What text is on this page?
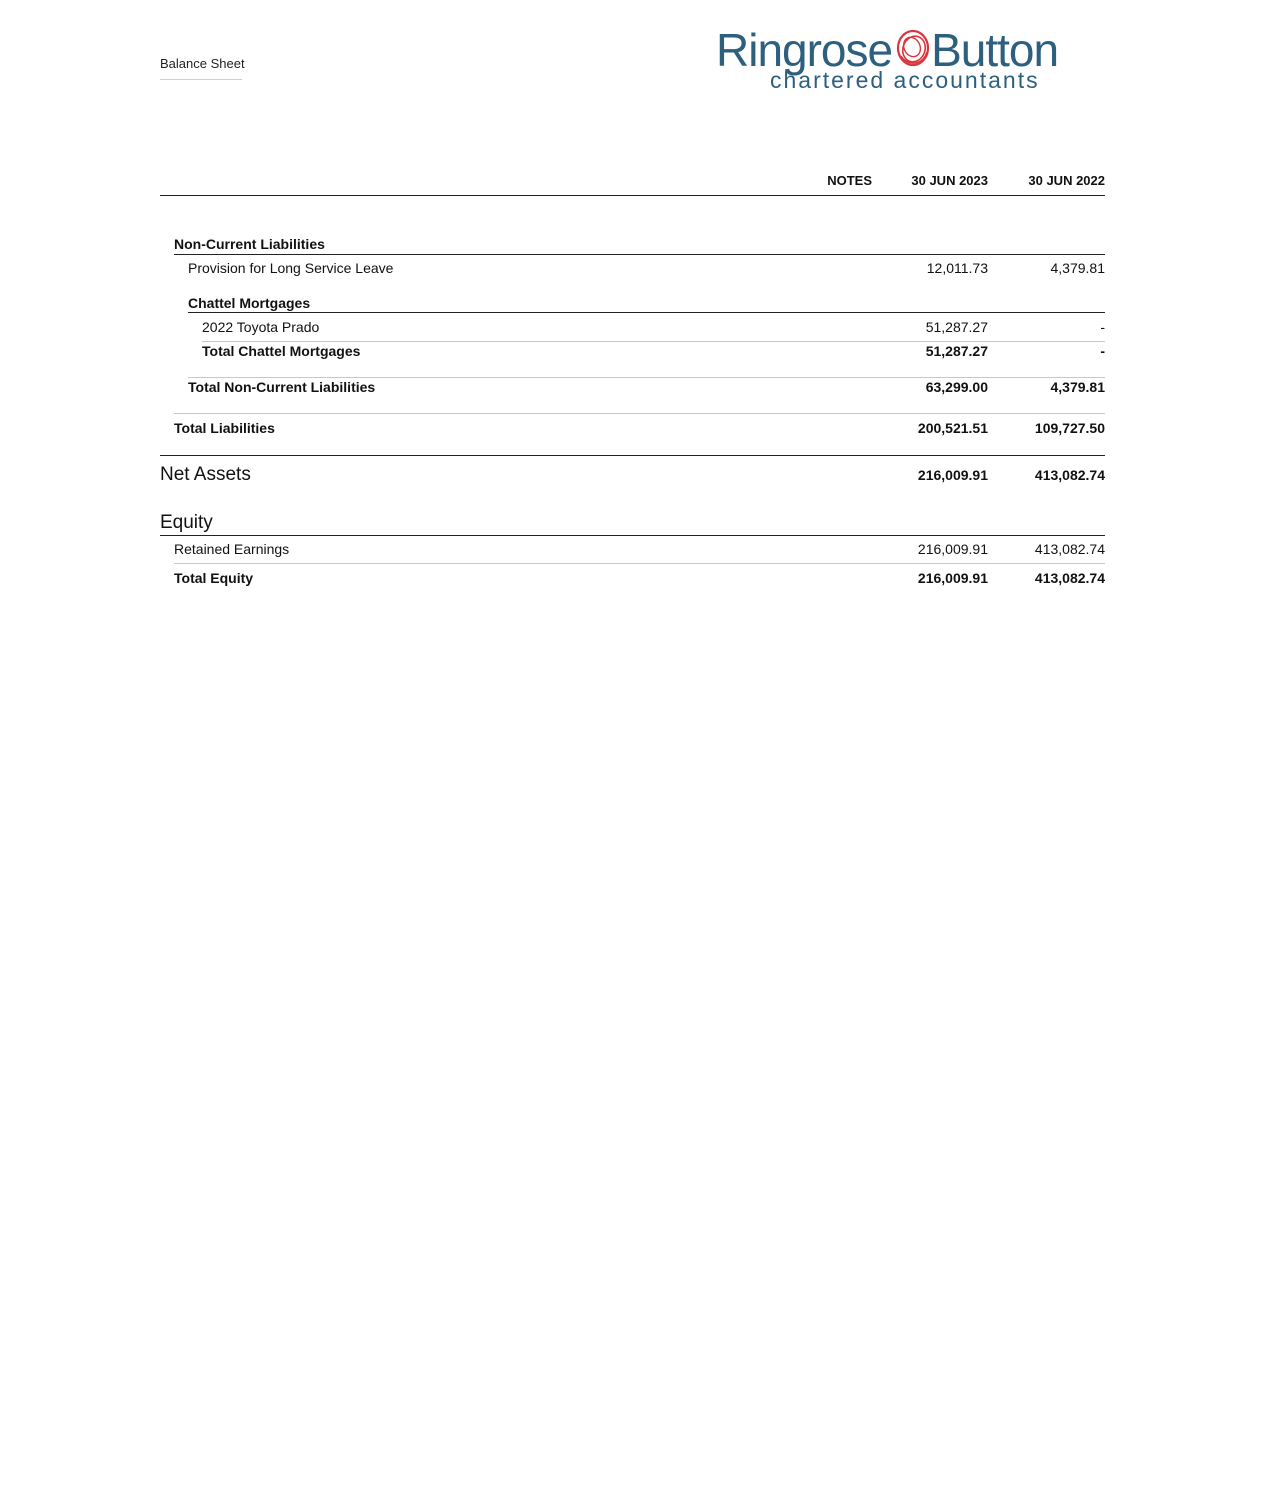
Balance Sheet	Ringrose Button
chartered accountants
NOTES	30 JUN 2023	30 JUN 2022
Non-Current Liabilities
Provision for Long Service Leave	12,011.73	4,379.81
Chattel Mortgages
2022 Toyota Prado	51,287.27	-
Total Chattel Mortgages	51,287.27	-
Total Non-Current Liabilities	63,299.00	4,379.81
Total Liabilities	200,521.51	109,727.50
Net Assets	216,009.91	413,082.74
Equity
Retained Earnings	216,009.91	413,082.74
Total Equity	216,009.91	413,082.74
